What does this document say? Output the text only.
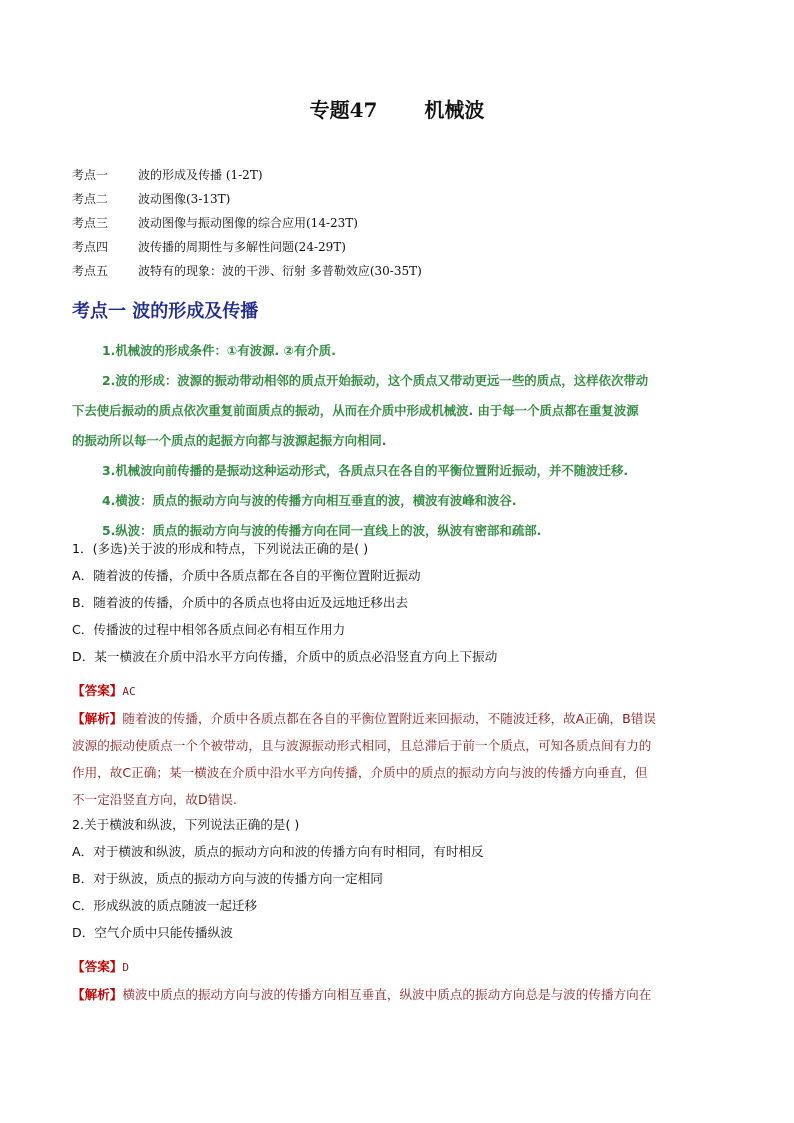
专题47 机械波
考点一 波的形成及传播 (1-2T)
考点二 波动图像(3-13T)
考点三 波动图像与振动图像的综合应用(14-23T)
考点四 波传播的周期性与多解性问题(24-29T)
考点五 波特有的现象：波的干涉、衍射 多普勒效应(30-35T)
考点一 波的形成及传播
1.机械波的形成条件：①有波源. ②有介质.
2.波的形成：波源的振动带动相邻的质点开始振动，这个质点又带动更远一些的质点，这样依次带动
下去使后振动的质点依次重复前面质点的振动，从而在介质中形成机械波. 由于每一个质点都在重复波源
的振动所以每一个质点的起振方向都与波源起振方向相同.
3.机械波向前传播的是振动这种运动形式，各质点只在各自的平衡位置附近振动，并不随波迁移.
4.横波：质点的振动方向与波的传播方向相互垂直的波，横波有波峰和波谷.
5.纵波：质点的振动方向与波的传播方向在同一直线上的波，纵波有密部和疏部.
1．(多选)关于波的形成和特点，下列说法正确的是( )
A．随着波的传播，介质中各质点都在各自的平衡位置附近振动
B．随着波的传播，介质中的各质点也将由近及远地迁移出去
C．传播波的过程中相邻各质点间必有相互作用力
D．某一横波在介质中沿水平方向传播，介质中的质点必沿竖直方向上下振动
【答案】AC
【解析】随着波的传播，介质中各质点都在各自的平衡位置附近来回振动，不随波迁移，故A正确，B错误
波源的振动使质点一个个被带动，且与波源振动形式相同，且总滞后于前一个质点，可知各质点间有力的
作用，故C正确；某一横波在介质中沿水平方向传播，介质中的质点的振动方向与波的传播方向垂直，但
不一定沿竖直方向，故D错误.
2.关于横波和纵波，下列说法正确的是( )
A．对于横波和纵波，质点的振动方向和波的传播方向有时相同，有时相反
B．对于纵波，质点的振动方向与波的传播方向一定相同
C．形成纵波的质点随波一起迁移
D．空气介质中只能传播纵波
【答案】D
【解析】横波中质点的振动方向与波的传播方向相互垂直，纵波中质点的振动方向总是与波的传播方向在
